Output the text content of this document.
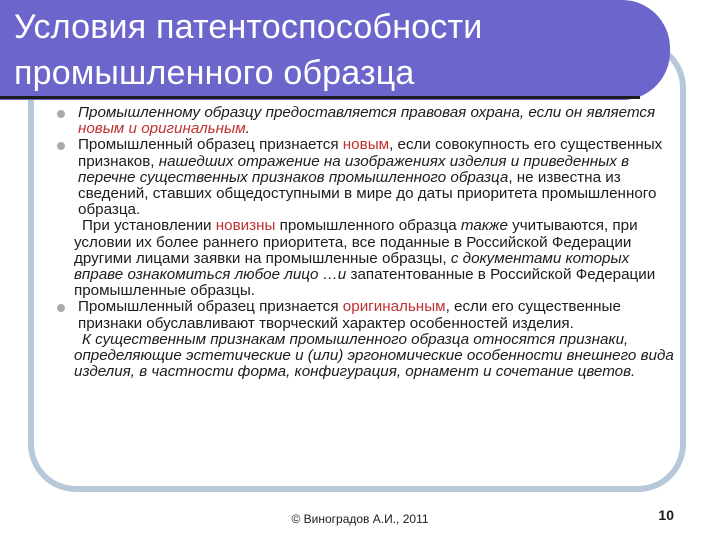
Условия патентоспособности
промышленного образца
Промышленному образцу предоставляется правовая охрана, если он является новым и оригинальным.
Промышленный образец признается новым, если совокупность его существенных признаков, нашедших отражение на изображениях изделия и приведенных в перечне существенных признаков промышленного образца, не известна из сведений, ставших общедоступными в мире до даты приоритета промышленного образца.
При установлении новизны промышленного образца также учитываются, при условии их более раннего приоритета, все поданные в Российской Федерации другими лицами заявки на промышленные образцы, с документами которых вправе ознакомиться любое лицо …и запатентованные в Российской Федерации промышленные образцы.
Промышленный образец признается оригинальным, если его существенные признаки обуславливают творческий характер особенностей изделия.
К существенным признакам промышленного образца относятся признаки, определяющие эстетические и (или) эргономические особенности внешнего вида изделия, в частности форма, конфигурация, орнамент и сочетание цветов.
© Виноградов А.И., 2011	10
